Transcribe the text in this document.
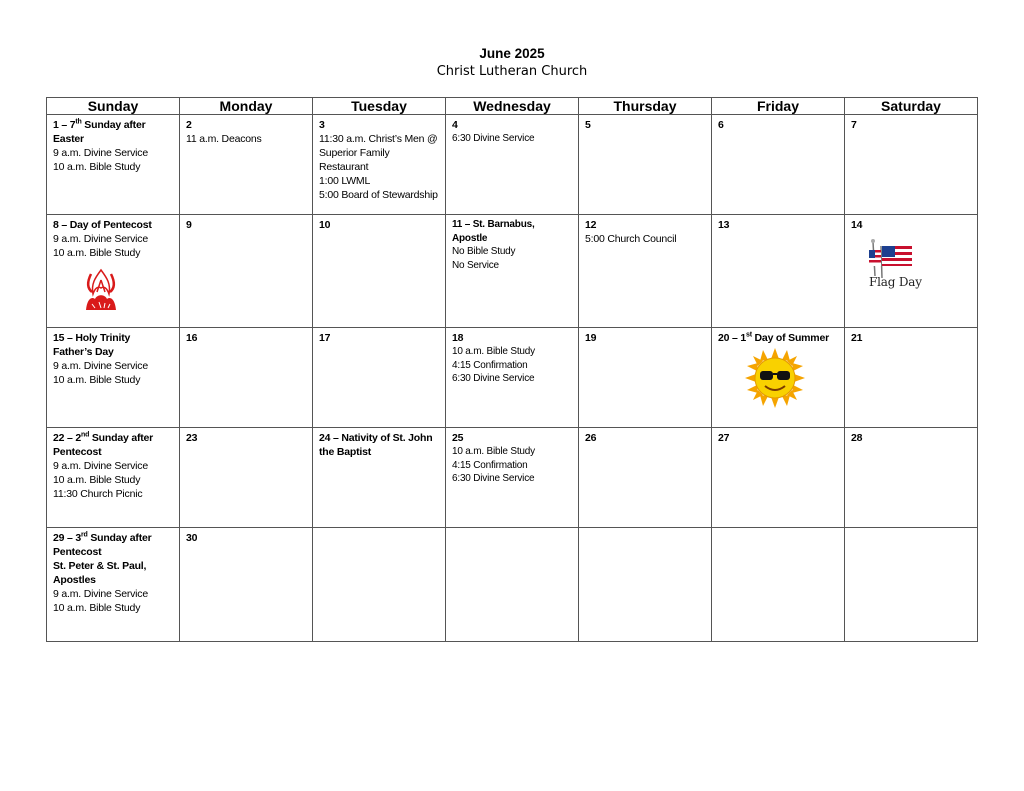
June 2025
Christ Lutheran Church
Sunday	Monday	Tuesday	Wednesday	Thursday	Friday	Saturday
1 – 7th Sunday after Easter
9 a.m. Divine Service
10 a.m. Bible Study	2
11 a.m. Deacons	3
11:30 a.m. Christ’s Men @ Superior Family Restaurant
1:00 LWML
5:00 Board of Stewardship	4
6:30 Divine Service	5	6	7

8 – Day of Pentecost
9 a.m. Divine Service
10 a.m. Bible Study	9	10	11 – St. Barnabus, Apostle
No Bible Study
No Service	12
5:00 Church Council	13	14
Flag Day

15 – Holy Trinity
Father’s Day
9 a.m. Divine Service
10 a.m. Bible Study	16	17	18
10 a.m. Bible Study
4:15 Confirmation
6:30 Divine Service	19	20 – 1st Day of Summer	21

22 – 2nd Sunday after Pentecost
9 a.m. Divine Service
10 a.m. Bible Study
11:30 Church Picnic	23	24 – Nativity of St. John the Baptist	25
10 a.m. Bible Study
4:15 Confirmation
6:30 Divine Service	26	27	28

29 – 3rd Sunday after Pentecost
St. Peter & St. Paul, Apostles
9 a.m. Divine Service
10 a.m. Bible Study	30					
